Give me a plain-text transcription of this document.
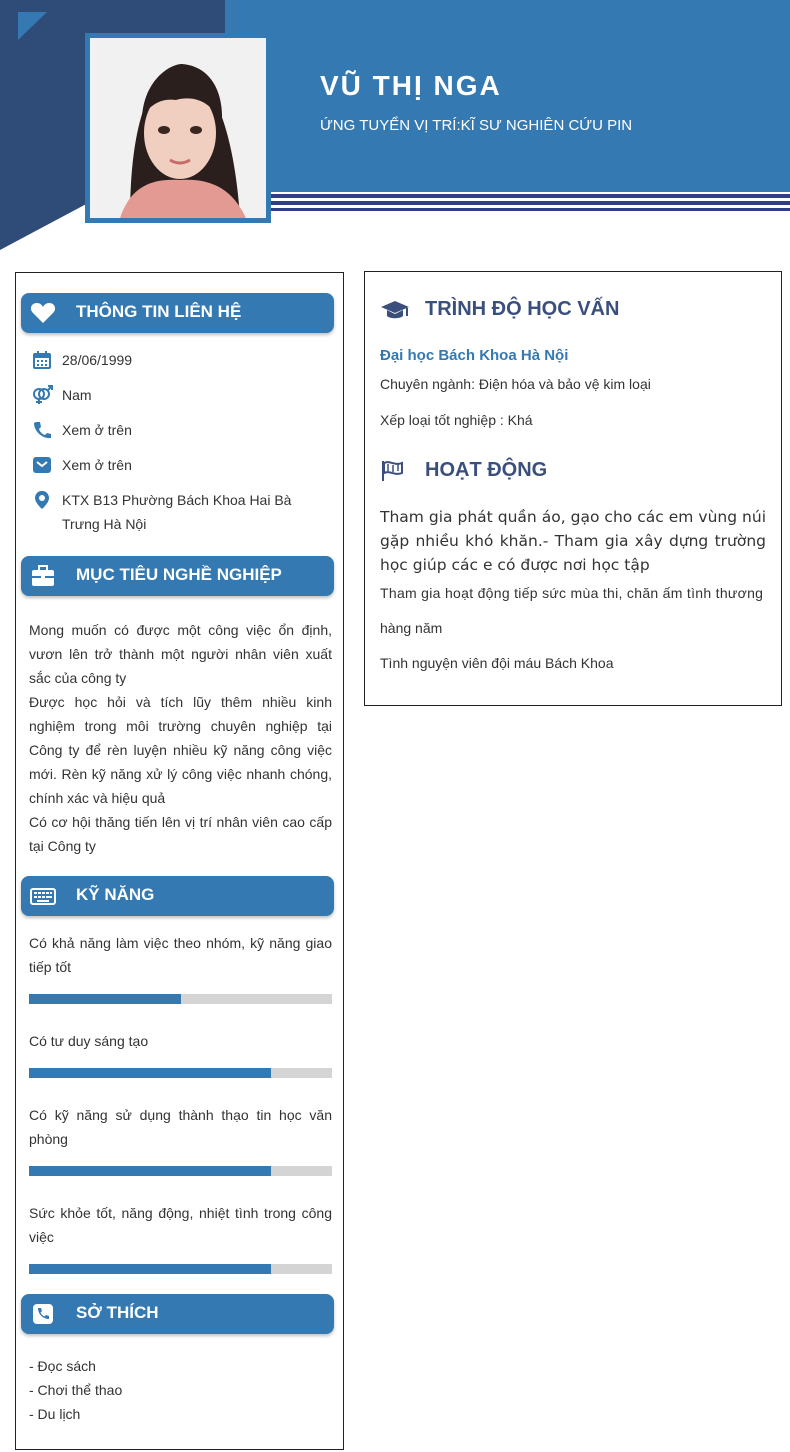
VŨ THỊ NGA
ỨNG TUYỂN VỊ TRÍ:KĨ SƯ NGHIÊN CỨU PIN
THÔNG TIN LIÊN HỆ
28/06/1999
Nam
Xem ở trên
Xem ở trên
KTX B13 Phường Bách Khoa Hai Bà Trưng Hà Nội
MỤC TIÊU NGHỀ NGHIỆP

Mong muốn có được một công việc ổn định, vươn lên trở thành một người nhân viên xuất sắc của công ty
Được học hỏi và tích lũy thêm nhiều kinh nghiệm trong môi trường chuyên nghiệp tại Công ty để rèn luyện nhiều kỹ năng công việc mới. Rèn kỹ năng xử lý công việc nhanh chóng, chính xác và hiệu quả
Có cơ hội thăng tiến lên vị trí nhân viên cao cấp tại Công ty

KỸ NĂNG

Có khả năng làm việc theo nhóm, kỹ năng giao tiếp tốt

Có tư duy sáng tạo

Có kỹ năng sử dụng thành thạo tin học văn phòng

Sức khỏe tốt, năng động, nhiệt tình trong công việc

SỞ THÍCH

- Đọc sách
- Chơi thể thao
- Du lịch

TRÌNH ĐỘ HỌC VẤN
Đại học Bách Khoa Hà Nội
Chuyên ngành: Điện hóa và bảo vệ kim loại
Xếp loại tốt nghiệp : Khá
HOẠT ĐỘNG

Tham gia phát quần áo, gạo cho các em vùng núi gặp nhiều khó khăn.- Tham gia xây dựng trường học giúp các e có được nơi học tập

Tham gia hoạt động tiếp sức mùa thi, chăn ấm tình thương
hàng năm
Tình nguyện viên đội máu Bách Khoa
